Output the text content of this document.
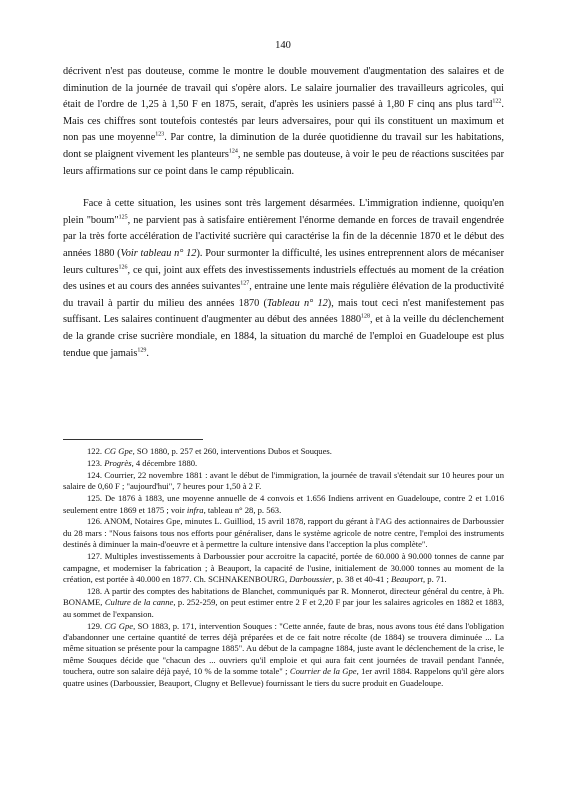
140

décrivent n'est pas douteuse, comme le montre le double mouvement d'augmentation des salaires et de diminution de la journée de travail qui s'opère alors. Le salaire journalier des travailleurs agricoles, qui était de l'ordre de 1,25 à 1,50 F en 1875, serait, d'après les usiniers passé à 1,80 F cinq ans plus tard$^{122}$. Mais ces chiffres sont toutefois contestés par leurs adversaires, pour qui ils constituent un maximum et non pas une moyenne$^{123}$. Par contre, la diminution de la durée quotidienne du travail sur les habitations, dont se plaignent vivement les planteurs$^{124}$, ne semble pas douteuse, à voir le peu de réactions suscitées par leurs affirmations sur ce point dans le camp républicain.

Face à cette situation, les usines sont très largement désarmées. L'immigration indienne, quoiqu'en plein "boum"$^{125}$, ne parvient pas à satisfaire entièrement l'énorme demande en forces de travail engendrée par la très forte accélération de l'activité sucrière qui caractérise la fin de la décennie 1870 et le début des années 1880 (Voir tableau n° 12). Pour surmonter la difficulté, les usines entreprennent alors de mécaniser leurs cultures$^{126}$, ce qui, joint aux effets des investissements industriels effectués au moment de la création des usines et au cours des années suivantes$^{127}$, entraine une lente mais régulière élévation de la productivité du travail à partir du milieu des années 1870 (Tableau n° 12), mais tout ceci n'est manifestement pas suffisant. Les salaires continuent d'augmenter au début des années 1880$^{128}$, et à la veille du déclenchement de la grande crise sucrière mondiale, en 1884, la situation du marché de l'emploi en Guadeloupe est plus tendue que jamais$^{129}$.

122. CG Gpe, SO 1880, p. 257 et 260, interventions Dubos et Souques.

123. Progrès, 4 décembre 1880.

124. Courrier, 22 novembre 1881 : avant le début de l'immigration, la journée de travail s'étendait sur 10 heures pour un salaire de 0,60 F ; "aujourd'hui", 7 heures pour 1,50 à 2 F.

125. De 1876 à 1883, une moyenne annuelle de 4 convois et 1.656 Indiens arrivent en Guadeloupe, contre 2 et 1.016 seulement entre 1869 et 1875 ; voir infra, tableau n° 28, p. 563.

126. ANOM, Notaires Gpe, minutes L. Guilliod, 15 avril 1878, rapport du gérant à l'AG des actionnaires de Darboussier du 28 mars : "Nous faisons tous nos efforts pour généraliser, dans le système agricole de notre centre, l'emploi des instruments destinés à diminuer la main-d'oeuvre et à permettre la culture intensive dans l'acception la plus complète".

127. Multiples investissements à Darboussier pour accroitre la capacité, portée de 60.000 à 90.000 tonnes de canne par campagne, et moderniser la fabrication ; à Beauport, la capacité de l'usine, initialement de 30.000 tonnes au moment de la création, est portée à 40.000 en 1877. Ch. SCHNAKENBOURG, Darboussier, p. 38 et 40-41 ; Beauport, p. 71.

128. A partir des comptes des habitations de Blanchet, communiqués par R. Monnerot, directeur général du centre, à Ph. BONAME, Culture de la canne, p. 252-259, on peut estimer entre 2 F et 2,20 F par jour les salaires agricoles en 1882 et 1883, au sommet de l'expansion.

129. CG Gpe, SO 1883, p. 171, intervention Souques : "Cette année, faute de bras, nous avons tous été dans l'obligation d'abandonner une certaine quantité de terres déjà préparées et de ce fait notre récolte (de 1884) se trouvera diminuée ... La même situation se présente pour la campagne 1885". Au début de la campagne 1884, juste avant le déclenchement de la crise, le même Souques décide que "chacun des ... ouvriers qu'il emploie et qui aura fait cent journées de travail pendant l'année, touchera, outre son salaire déjà payé, 10 % de la somme totale" ; Courrier de la Gpe, 1er avril 1884. Rappelons qu'il gère alors quatre usines (Darboussier, Beauport, Clugny et Bellevue) fournissant le tiers du sucre produit en Guadeloupe.
